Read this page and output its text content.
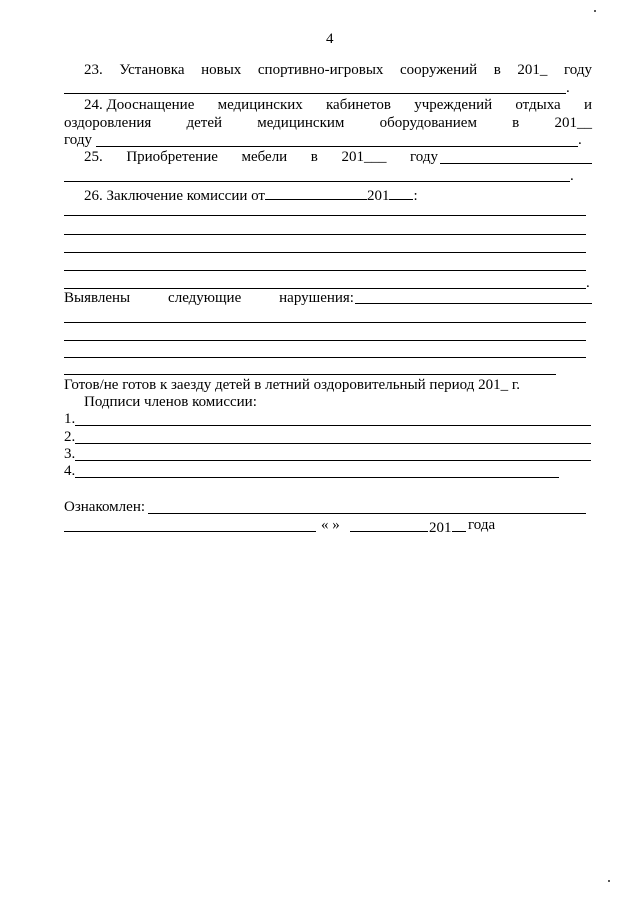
4
23. Установка новых спортивно-игровых сооружений в 201_ году
.
24. Дооснащение медицинских кабинетов учреждений отдыха и
оздоровления детей медицинским оборудованием в 201__
году	.
25. Приобретение мебели в 201___ году
.
26. Заключение комиссии от	201 :
.
Выявлены	следующие	нарушения:
Готов/не готов к заезду детей в летний оздоровительный период 201_ г.
Подписи членов комиссии:
1.
2.
3.
4.
Ознакомлен:
« »	201	года
